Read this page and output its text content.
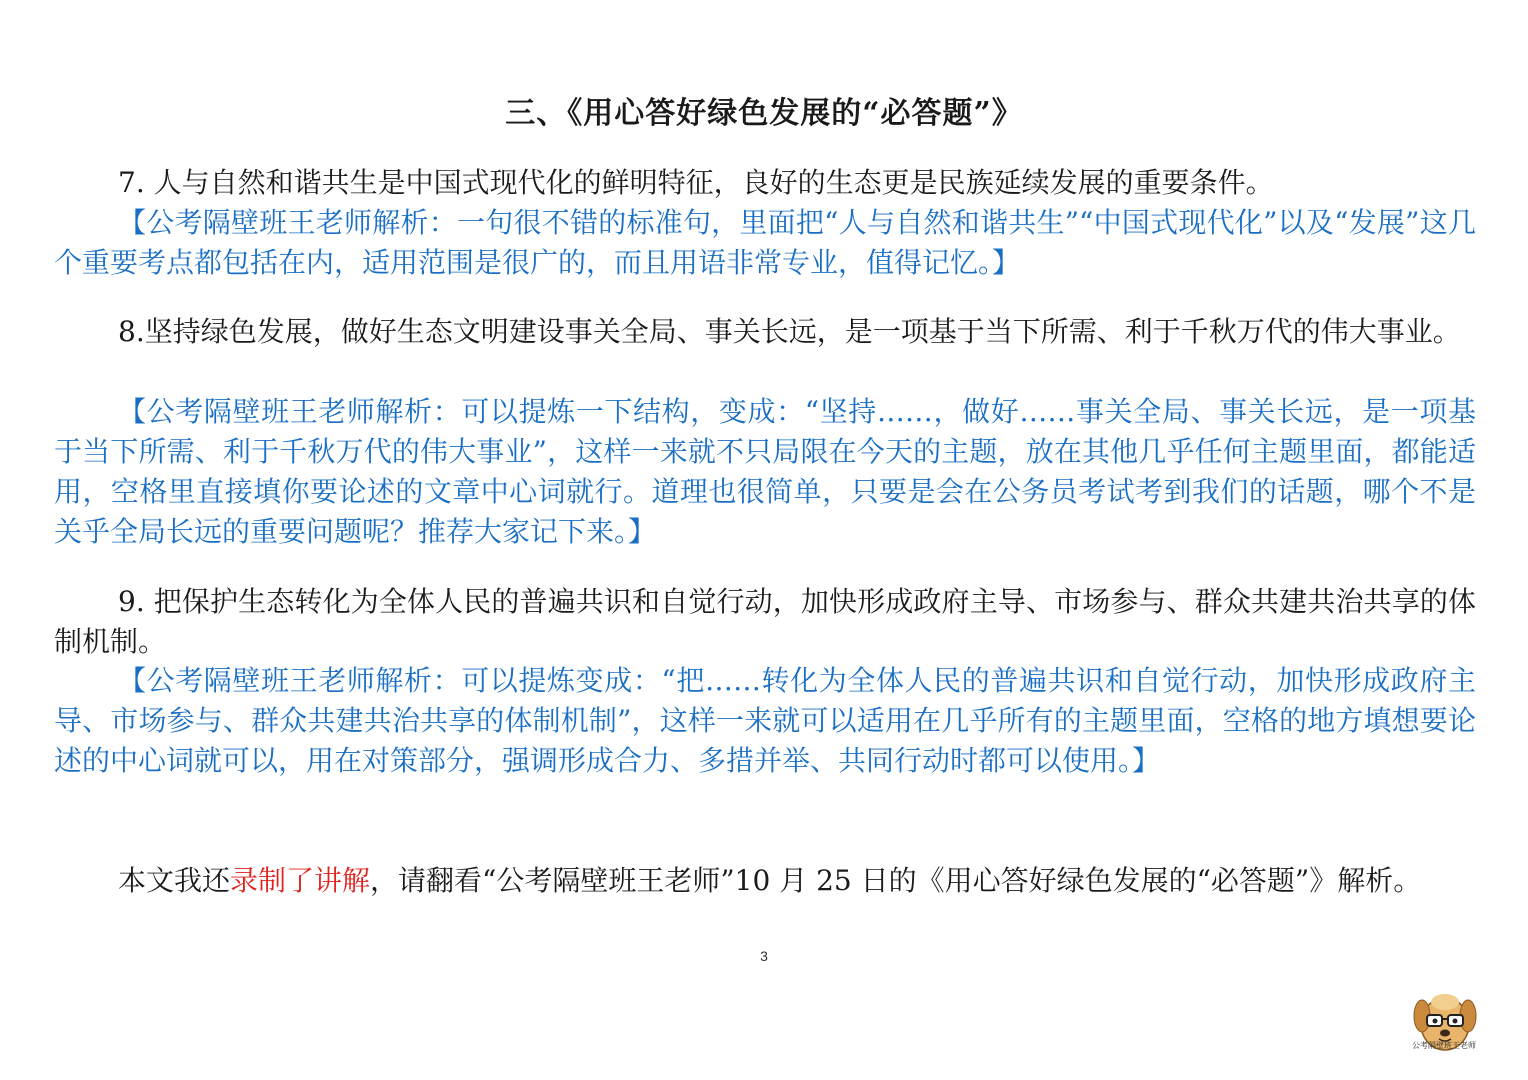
三、《用心答好绿色发展的“必答题”》
7. 人与自然和谐共生是中国式现代化的鲜明特征，良好的生态更是民族延续发展的重要条件。
【公考隔壁班王老师解析：一句很不错的标准句，里面把“人与自然和谐共生”“中国式现代化”以及“发展”这几个重要考点都包括在内，适用范围是很广的，而且用语非常专业，值得记忆。】
8.坚持绿色发展，做好生态文明建设事关全局、事关长远，是一项基于当下所需、利于千秋万代的伟大事业。
【公考隔壁班王老师解析：可以提炼一下结构，变成：“坚持……，做好……事关全局、事关长远，是一项基于当下所需、利于千秋万代的伟大事业”，这样一来就不只局限在今天的主题，放在其他几乎任何主题里面，都能适用，空格里直接填你要论述的文章中心词就行。道理也很简单，只要是会在公务员考试考到我们的话题，哪个不是关乎全局长远的重要问题呢？推荐大家记下来。】
9. 把保护生态转化为全体人民的普遍共识和自觉行动，加快形成政府主导、市场参与、群众共建共治共享的体制机制。
【公考隔壁班王老师解析：可以提炼变成：“把……转化为全体人民的普遍共识和自觉行动，加快形成政府主导、市场参与、群众共建共治共享的体制机制”，这样一来就可以适用在几乎所有的主题里面，空格的地方填想要论述的中心词就可以，用在对策部分，强调形成合力、多措并举、共同行动时都可以使用。】
本文我还录制了讲解，请翻看“公考隔壁班王老师”10 月 25 日的《用心答好绿色发展的“必答题”》解析。
3
公考隔壁班王老师
